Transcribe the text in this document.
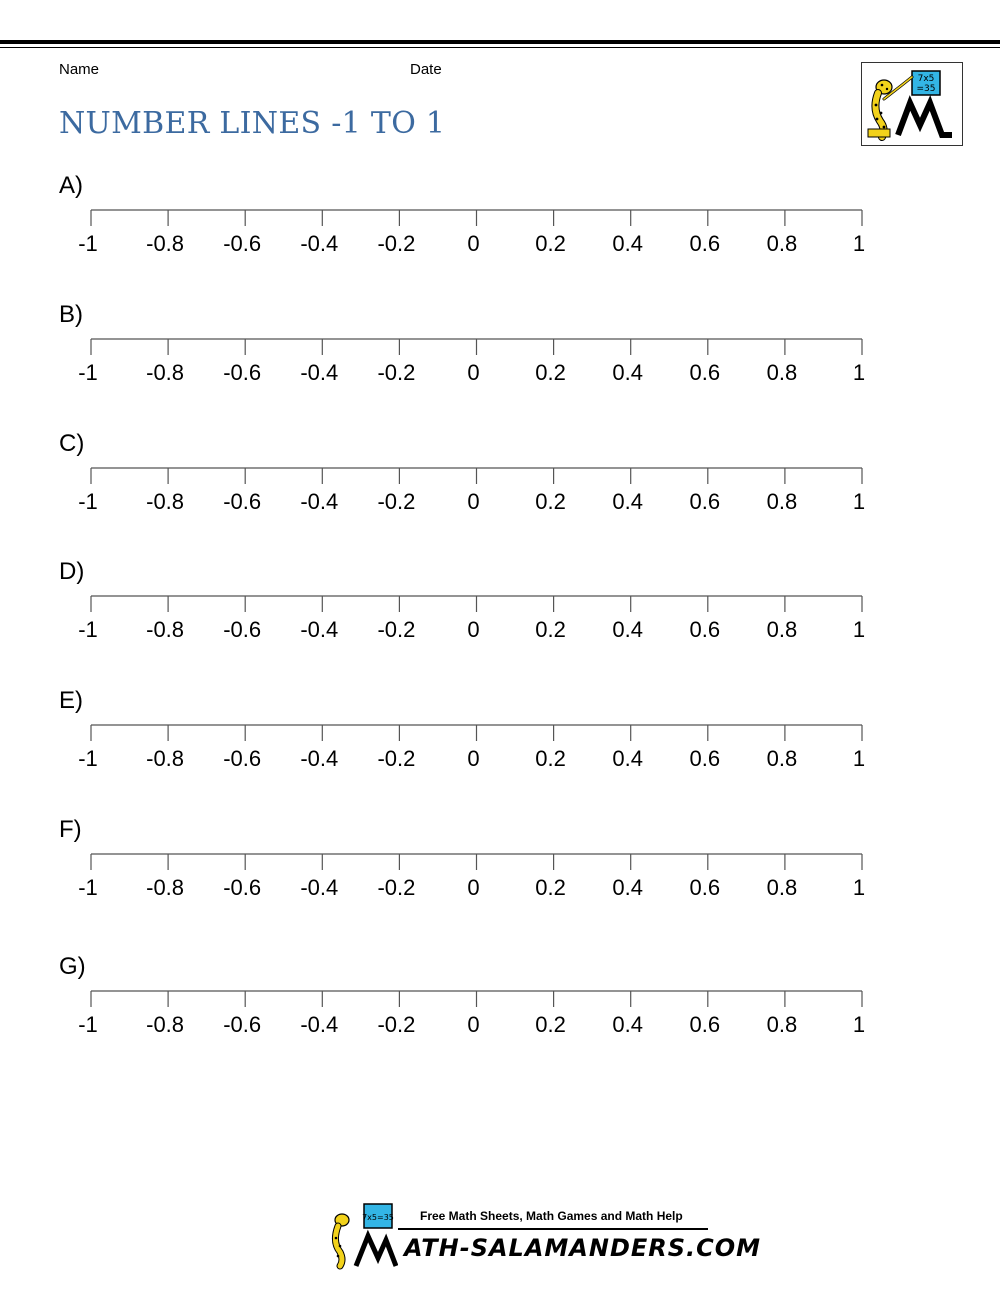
Name	Date
NUMBER LINES -1 TO 1
7x5
=35
A)
-1 -0.8 -0.6 -0.4 -0.2 0	0.2 0.4 0.6 0.8	1
B)
-1 -0.8 -0.6 -0.4 -0.2 0	0.2 0.4 0.6 0.8	1
C)
-1 -0.8 -0.6 -0.4 -0.2 0	0.2 0.4 0.6 0.8	1
D)
-1 -0.8 -0.6 -0.4 -0.2 0	0.2 0.4 0.6 0.8	1
E)
-1 -0.8 -0.6 -0.4 -0.2 0	0.2 0.4 0.6 0.8	1
F)
-1 -0.8 -0.6 -0.4 -0.2 0	0.2 0.4 0.6 0.8	1
G)
-1 -0.8 -0.6 -0.4 -0.2 0	0.2 0.4 0.6 0.8	1
7x5=35 Free Math Sheets, Math Games and Math Help
ATH-SALAMANDERS.COM
